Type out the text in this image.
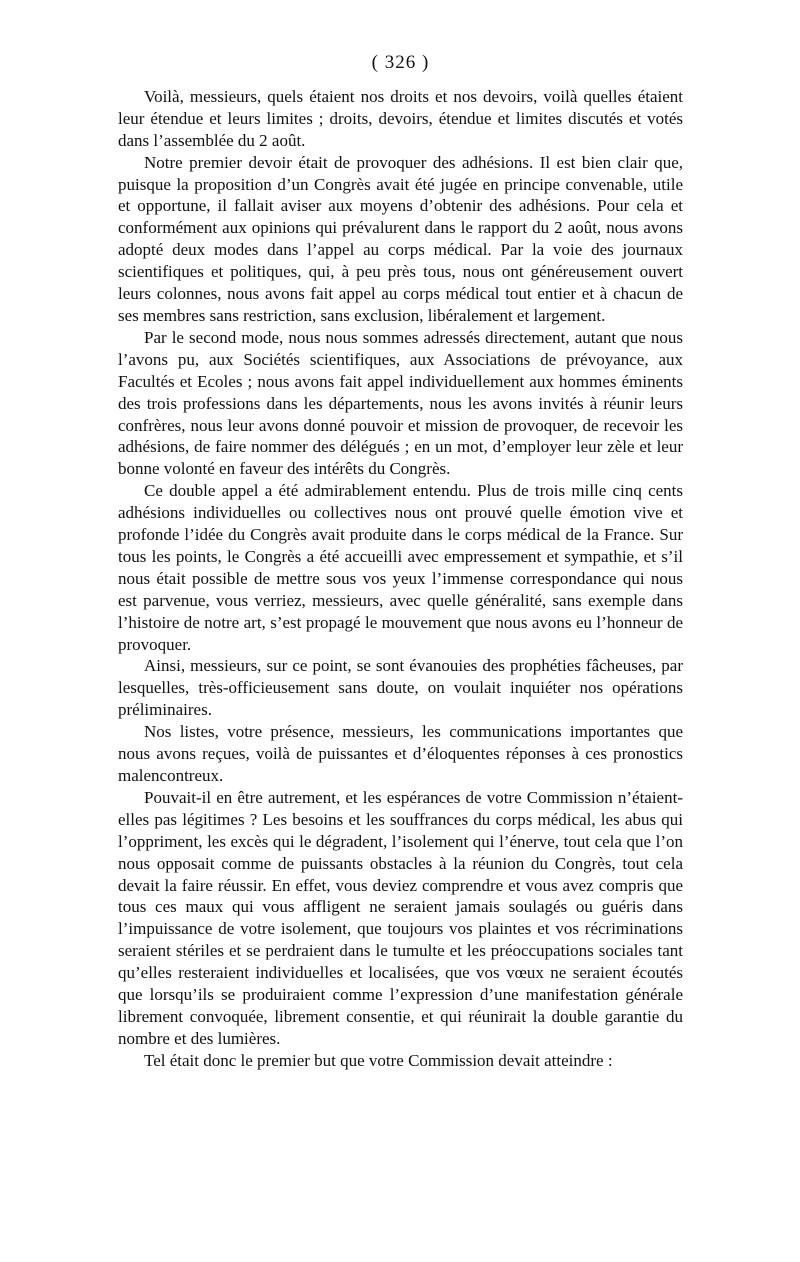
( 326 )

Voilà, messieurs, quels étaient nos droits et nos devoirs, voilà quelles étaient leur étendue et leurs limites ; droits, devoirs, étendue et limites discutés et votés dans l’assemblée du 2 août.

Notre premier devoir était de provoquer des adhésions. Il est bien clair que, puisque la proposition d’un Congrès avait été jugée en principe convenable, utile et opportune, il fallait aviser aux moyens d’obtenir des adhésions. Pour cela et conformément aux opinions qui prévalurent dans le rapport du 2 août, nous avons adopté deux modes dans l’appel au corps médical. Par la voie des journaux scientifiques et politiques, qui, à peu près tous, nous ont généreusement ouvert leurs colonnes, nous avons fait appel au corps médical tout entier et à chacun de ses membres sans restriction, sans exclusion, libéralement et largement.

Par le second mode, nous nous sommes adressés directement, autant que nous l’avons pu, aux Sociétés scientifiques, aux Associations de prévoyance, aux Facultés et Ecoles ; nous avons fait appel individuellement aux hommes éminents des trois professions dans les départements, nous les avons invités à réunir leurs confrères, nous leur avons donné pouvoir et mission de provoquer, de recevoir les adhésions, de faire nommer des délégués ; en un mot, d’employer leur zèle et leur bonne volonté en faveur des intérêts du Congrès.

Ce double appel a été admirablement entendu. Plus de trois mille cinq cents adhésions individuelles ou collectives nous ont prouvé quelle émotion vive et profonde l’idée du Congrès avait produite dans le corps médical de la France. Sur tous les points, le Congrès a été accueilli avec empressement et sympathie, et s’il nous était possible de mettre sous vos yeux l’immense correspondance qui nous est parvenue, vous verriez, messieurs, avec quelle généralité, sans exemple dans l’histoire de notre art, s’est propagé le mouvement que nous avons eu l’honneur de provoquer.

Ainsi, messieurs, sur ce point, se sont évanouies des prophéties fâcheuses, par lesquelles, très-officieusement sans doute, on voulait inquiéter nos opérations préliminaires.

Nos listes, votre présence, messieurs, les communications importantes que nous avons reçues, voilà de puissantes et d’éloquentes réponses à ces pronostics malencontreux.

Pouvait-il en être autrement, et les espérances de votre Commission n’étaient-elles pas légitimes ? Les besoins et les souffrances du corps médical, les abus qui l’oppriment, les excès qui le dégradent, l’isolement qui l’énerve, tout cela que l’on nous opposait comme de puissants obstacles à la réunion du Congrès, tout cela devait la faire réussir. En effet, vous deviez comprendre et vous avez compris que tous ces maux qui vous affligent ne seraient jamais soulagés ou guéris dans l’impuissance de votre isolement, que toujours vos plaintes et vos récriminations seraient stériles et se perdraient dans le tumulte et les préoccupations sociales tant qu’elles resteraient individuelles et localisées, que vos vœux ne seraient écoutés que lorsqu’ils se produiraient comme l’expression d’une manifestation générale librement convoquée, librement consentie, et qui réunirait la double garantie du nombre et des lumières.

Tel était donc le premier but que votre Commission devait atteindre :
